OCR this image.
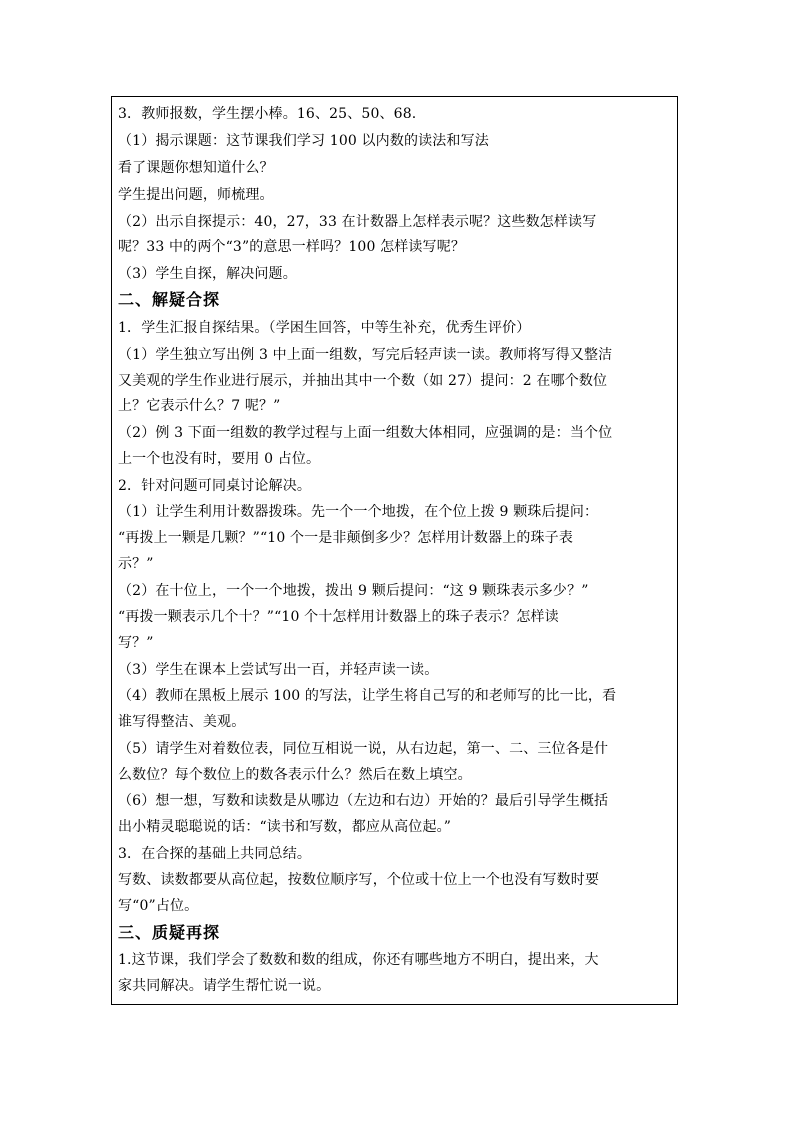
3．教师报数，学生摆小棒。16、25、50、68.
（1）揭示课题：这节课我们学习 100 以内数的读法和写法
看了课题你想知道什么？
学生提出问题，师梳理。
（2）出示自探提示：40，27，33 在计数器上怎样表示呢？这些数怎样读写
呢？33 中的两个“3”的意思一样吗？100 怎样读写呢？
（3）学生自探，解决问题。
二、解疑合探
1．学生汇报自探结果。（学困生回答，中等生补充，优秀生评价）
（1）学生独立写出例 3 中上面一组数，写完后轻声读一读。教师将写得又整洁
又美观的学生作业进行展示，并抽出其中一个数（如 27）提问：2 在哪个数位
上？它表示什么？7 呢？”
（2）例 3 下面一组数的教学过程与上面一组数大体相同，应强调的是：当个位
上一个也没有时，要用 0 占位。
2．针对问题可同桌讨论解决。
（1）让学生利用计数器拨珠。先一个一个地拨，在个位上拨 9 颗珠后提问：
“再拨上一颗是几颗？”“10 个一是非颠倒多少？怎样用计数器上的珠子表
示？”
（2）在十位上，一个一个地拨，拨出 9 颗后提问：“这 9 颗珠表示多少？”
“再拨一颗表示几个十？”“10 个十怎样用计数器上的珠子表示？怎样读
写？”
（3）学生在课本上尝试写出一百，并轻声读一读。
（4）教师在黑板上展示 100 的写法，让学生将自己写的和老师写的比一比，看
谁写得整洁、美观。
（5）请学生对着数位表，同位互相说一说，从右边起，第一、二、三位各是什
么数位？每个数位上的数各表示什么？然后在数上填空。
（6）想一想，写数和读数是从哪边（左边和右边）开始的？最后引导学生概括
出小精灵聪聪说的话：“读书和写数，都应从高位起。”
3．在合探的基础上共同总结。
写数、读数都要从高位起，按数位顺序写，个位或十位上一个也没有写数时要
写“0”占位。
三、质疑再探
1.这节课，我们学会了数数和数的组成，你还有哪些地方不明白，提出来，大
家共同解决。请学生帮忙说一说。
